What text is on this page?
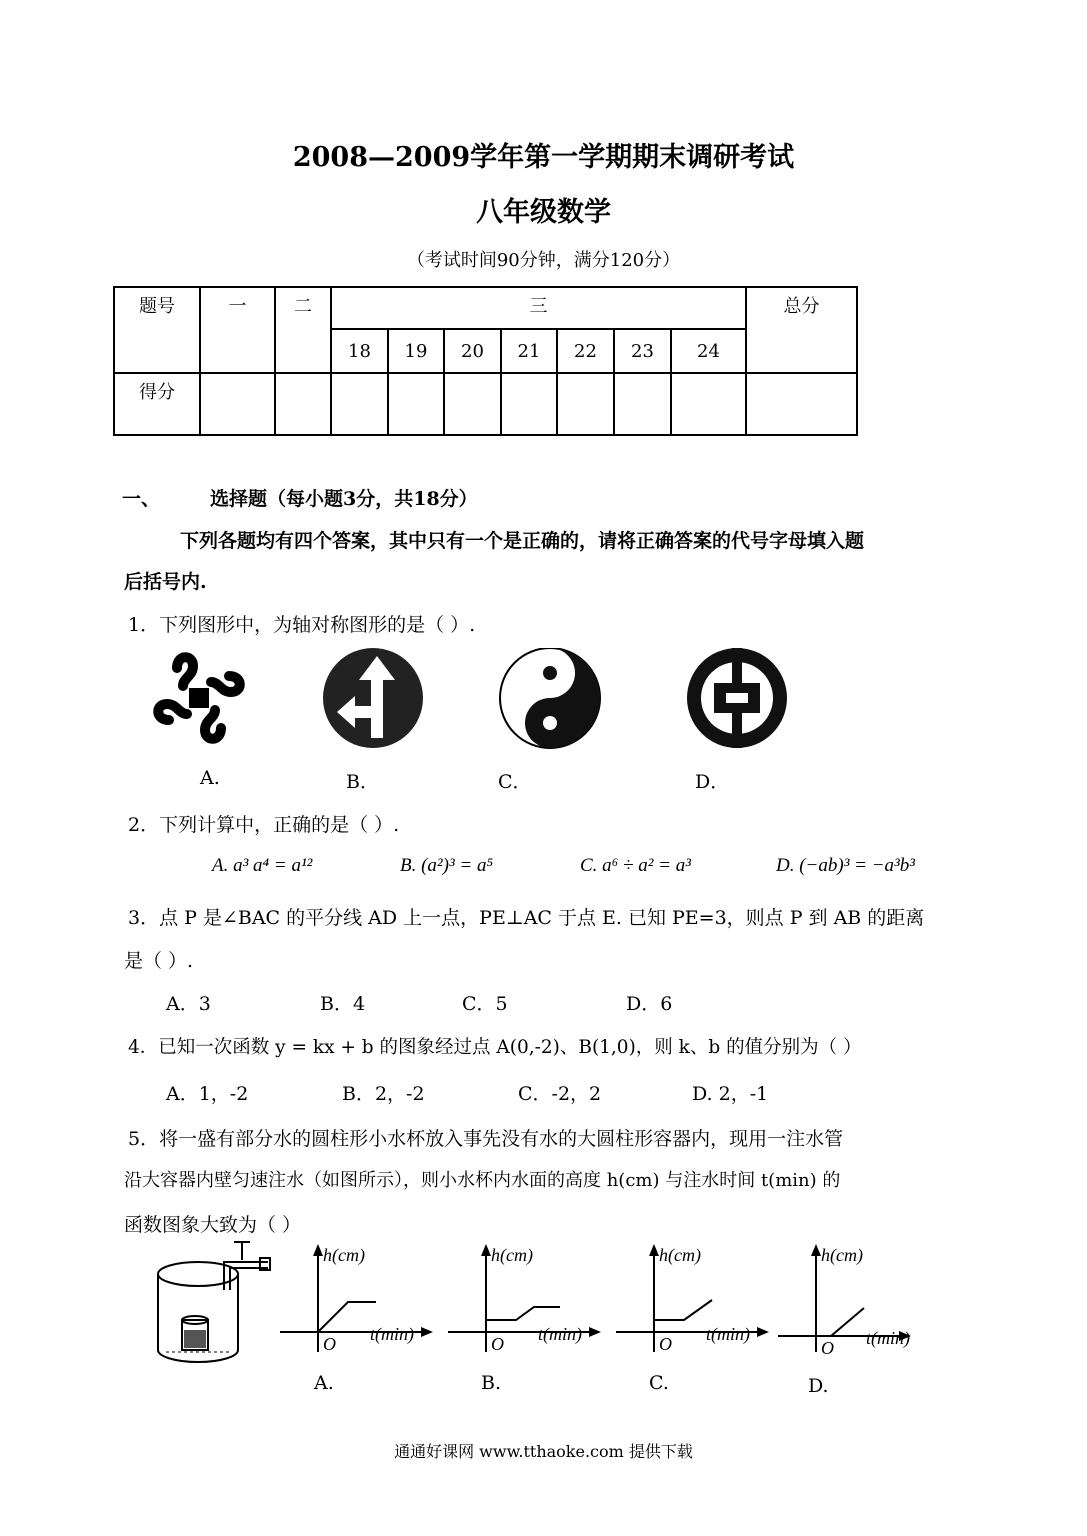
2008—2009学年第一学期期末调研考试
八年级数学
（考试时间90分钟，满分120分）
题号	一	二	三							总分
			18	19	20	21	22	23	24	
得分										
一、	选择题（每小题3分，共18分）
下列各题均有四个答案，其中只有一个是正确的，请将正确答案的代号字母填入题
后括号内.
1．下列图形中，为轴对称图形的是（ ）.
A.	B．	C．	D．
2．下列计算中，正确的是（ ）.
A. a³ a⁴ = a¹²	B. (a²)³ = a⁵	C. a⁶ ÷ a² = a³	D. (−ab)³ = −a³b³
3．点 P 是∠BAC 的平分线 AD 上一点，PE⊥AC 于点 E. 已知 PE=3，则点 P 到 AB 的距离
是（ ）.
A．3	B．4	C．5	D．6
4．已知一次函数 y = kx + b 的图象经过点 A(0,-2)、B(1,0)，则 k、b 的值分别为（ ）
A．1，-2	B．2，-2	C．-2，2	D. 2，-1
5．将一盛有部分水的圆柱形小水杯放入事先没有水的大圆柱形容器内，现用一注水管
沿大容器内壁匀速注水（如图所示），则小水杯内水面的高度 h(cm) 与注水时间 t(min) 的
函数图象大致为（ ）
h(cm)	h(cm)	h(cm)	h(cm)
t(min)	t(min)	t(min)	t(min)
O	O	O	O
A.	B.	C.	D.
通通好课网 www.tthaoke.com 提供下载
